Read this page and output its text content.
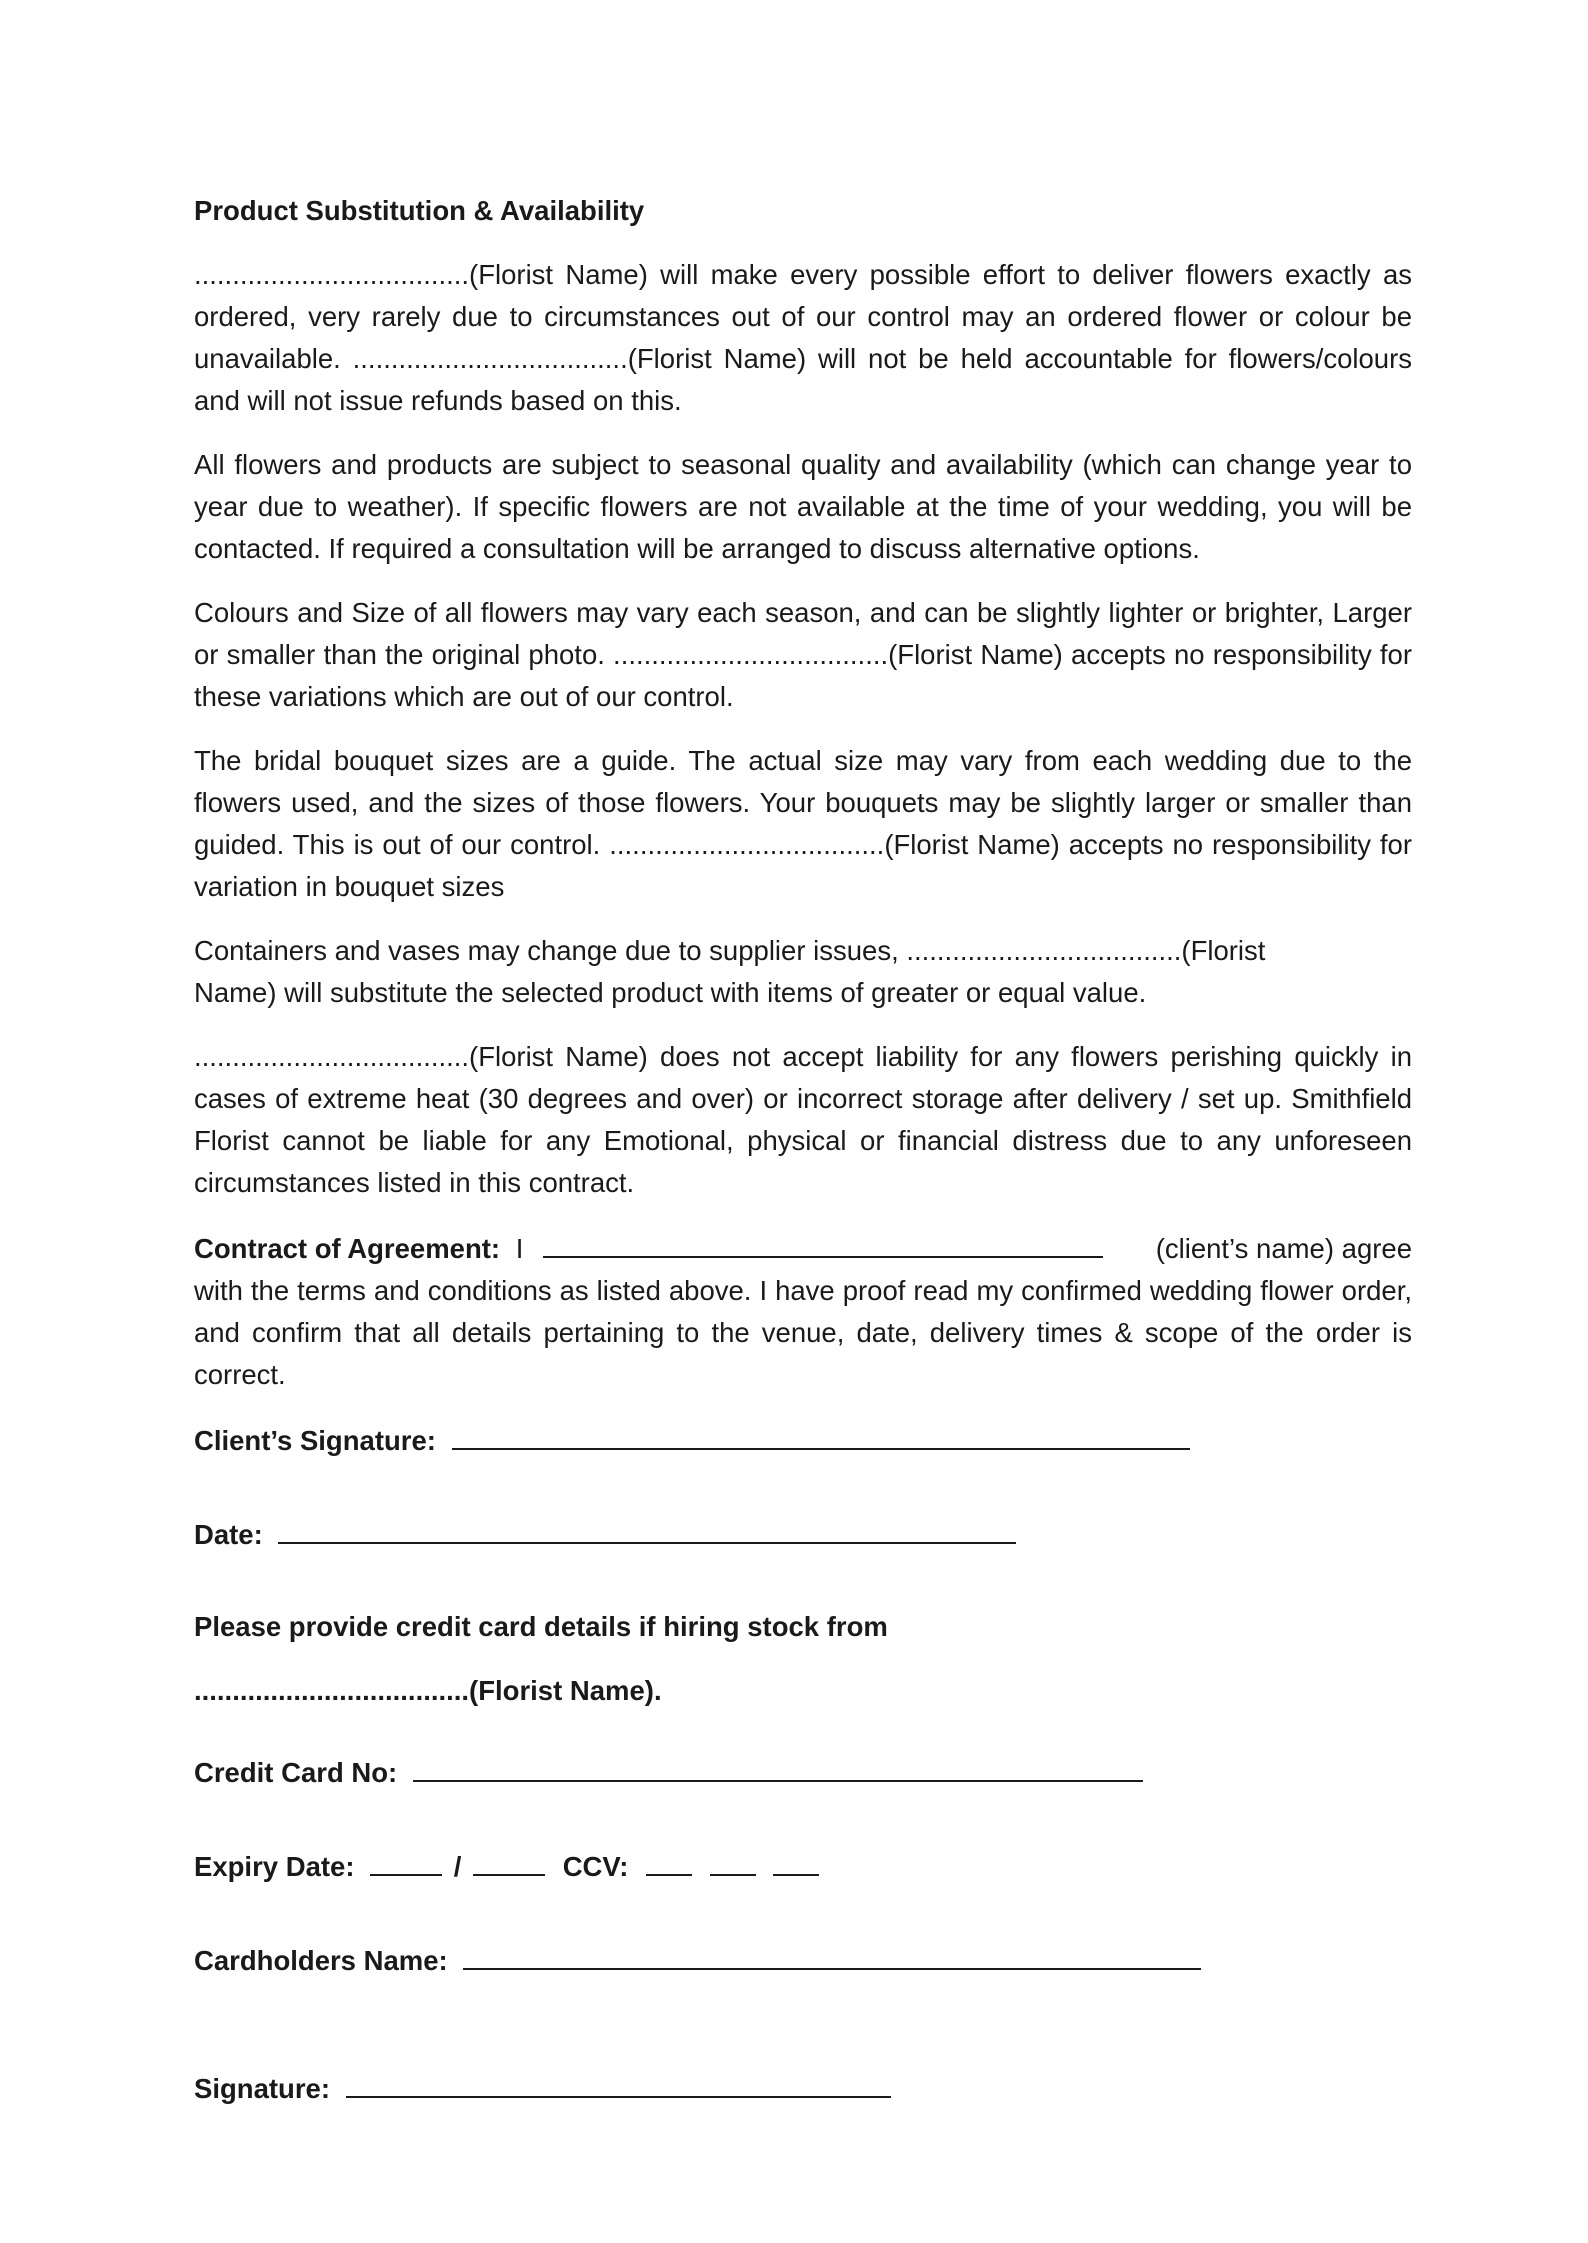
Product Substitution & Availability

....................................(Florist Name) will make every possible effort to deliver flowers exactly as ordered, very rarely due to circumstances out of our control may an ordered flower or colour be unavailable. ....................................(Florist Name) will not be held accountable for flowers/colours and will not issue refunds based on this.

All flowers and products are subject to seasonal quality and availability (which can change year to year due to weather). If specific flowers are not available at the time of your wedding, you will be contacted. If required a consultation will be arranged to discuss alternative options.

Colours and Size of all flowers may vary each season, and can be slightly lighter or brighter, Larger or smaller than the original photo. ....................................(Florist Name) accepts no responsibility for these variations which are out of our control.

The bridal bouquet sizes are a guide. The actual size may vary from each wedding due to the flowers used, and the sizes of those flowers. Your bouquets may be slightly larger or smaller than guided. This is out of our control. ....................................(Florist Name) accepts no responsibility for variation in bouquet sizes

Containers and vases may change due to supplier issues, ....................................(Florist Name) will substitute the selected product with items of greater or equal value.

....................................(Florist Name) does not accept liability for any flowers perishing quickly in cases of extreme heat (30 degrees and over) or incorrect storage after delivery / set up. Smithfield Florist cannot be liable for any Emotional, physical or financial distress due to any unforeseen circumstances listed in this contract.

Contract of Agreement: I	(client’s name) agree
with the terms and conditions as listed above. I have proof read my confirmed wedding flower order, and confirm that all details pertaining to the venue, date, delivery times & scope of the order is correct.
Client’s Signature:
Date:
Please provide credit card details if hiring stock from
....................................(Florist Name).
Credit Card No:
Expiry Date:	/	CCV:
Cardholders Name:
Signature:
